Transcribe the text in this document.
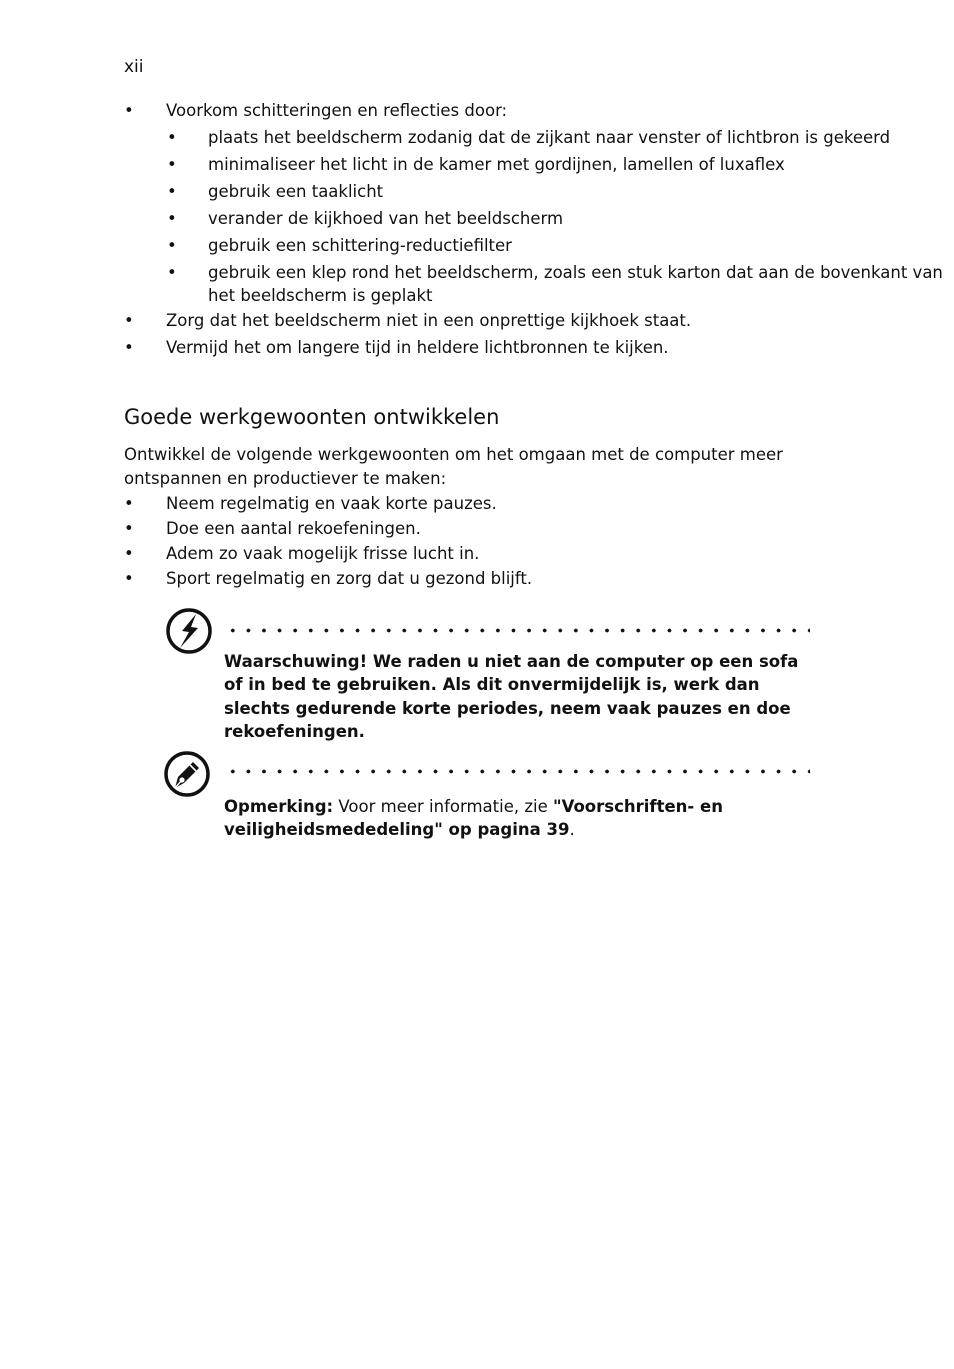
xii
• Voorkom schitteringen en reflecties door:
• plaats het beeldscherm zodanig dat de zijkant naar venster of lichtbron is gekeerd
• minimaliseer het licht in de kamer met gordijnen, lamellen of luxaflex
• gebruik een taaklicht
• verander de kijkhoed van het beeldscherm
• gebruik een schittering-reductiefilter
• gebruik een klep rond het beeldscherm, zoals een stuk karton dat aan de bovenkant van het beeldscherm is geplakt
• Zorg dat het beeldscherm niet in een onprettige kijkhoek staat.
• Vermijd het om langere tijd in heldere lichtbronnen te kijken.
Goede werkgewoonten ontwikkelen

Ontwikkel de volgende werkgewoonten om het omgaan met de computer meer ontspannen en productiever te maken:

• Neem regelmatig en vaak korte pauzes.
• Doe een aantal rekoefeningen.
• Adem zo vaak mogelijk frisse lucht in.
• Sport regelmatig en zorg dat u gezond blijft.

Waarschuwing! We raden u niet aan de computer op een sofa of in bed te gebruiken. Als dit onvermijdelijk is, werk dan slechts gedurende korte periodes, neem vaak pauzes en doe rekoefeningen.

Opmerking: Voor meer informatie, zie "Voorschriften- en veiligheidsmededeling" op pagina 39.
